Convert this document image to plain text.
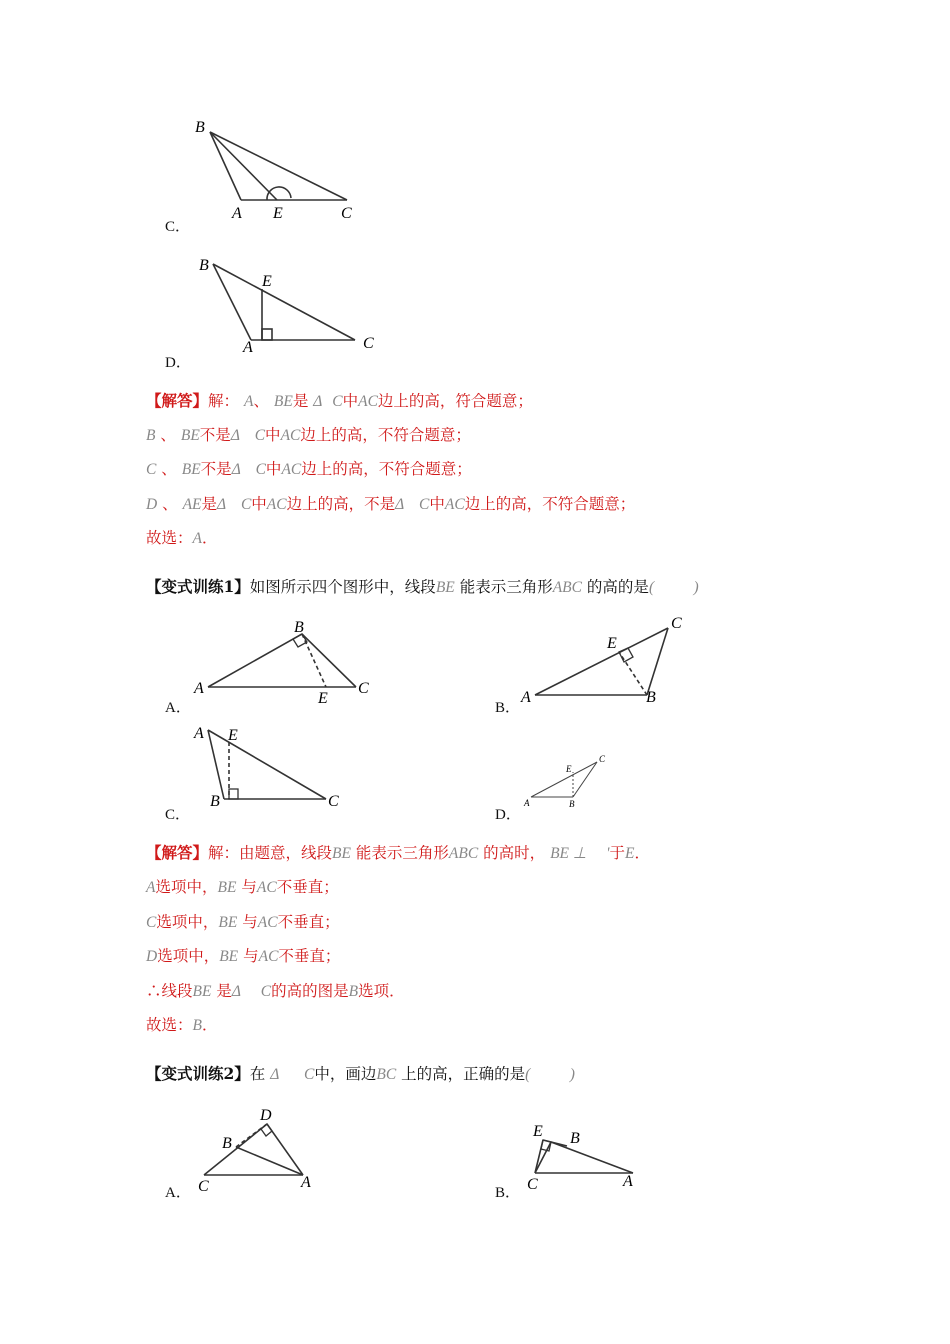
B
A E	C
C．
B
E
A	C
D．
【解答】解： A、 BE是 Δ C中AC边上的高，符合题意；
B 、 BE不是Δ C中AC边上的高，不符合题意；
C 、 BE不是Δ C中AC边上的高，不符合题意；
D 、 AE是Δ C中AC边上的高，不是Δ C中AC边上的高，不符合题意；
故选：A．
【变式训练1】如图所示四个图形中，线段BE 能表示三角形ABC 的高的是(	)
B
A
E
C
A．
C
E
A	B
B．
A E
B	C
C．
C
E
A	B
D．
【解答】解：由题意，线段BE 能表示三角形ABC 的高时， BE ⊥ '于E．
A选项中，BE 与AC不垂直；
C选项中，BE 与AC不垂直；
D选项中，BE 与AC不垂直；
∴线段BE 是Δ C的高的图是B选项．
故选：B．
【变式训练2】在 Δ C中，画边BC 上的高，正确的是(	)
D
B
C	A
A．
E B
C	A
B．
